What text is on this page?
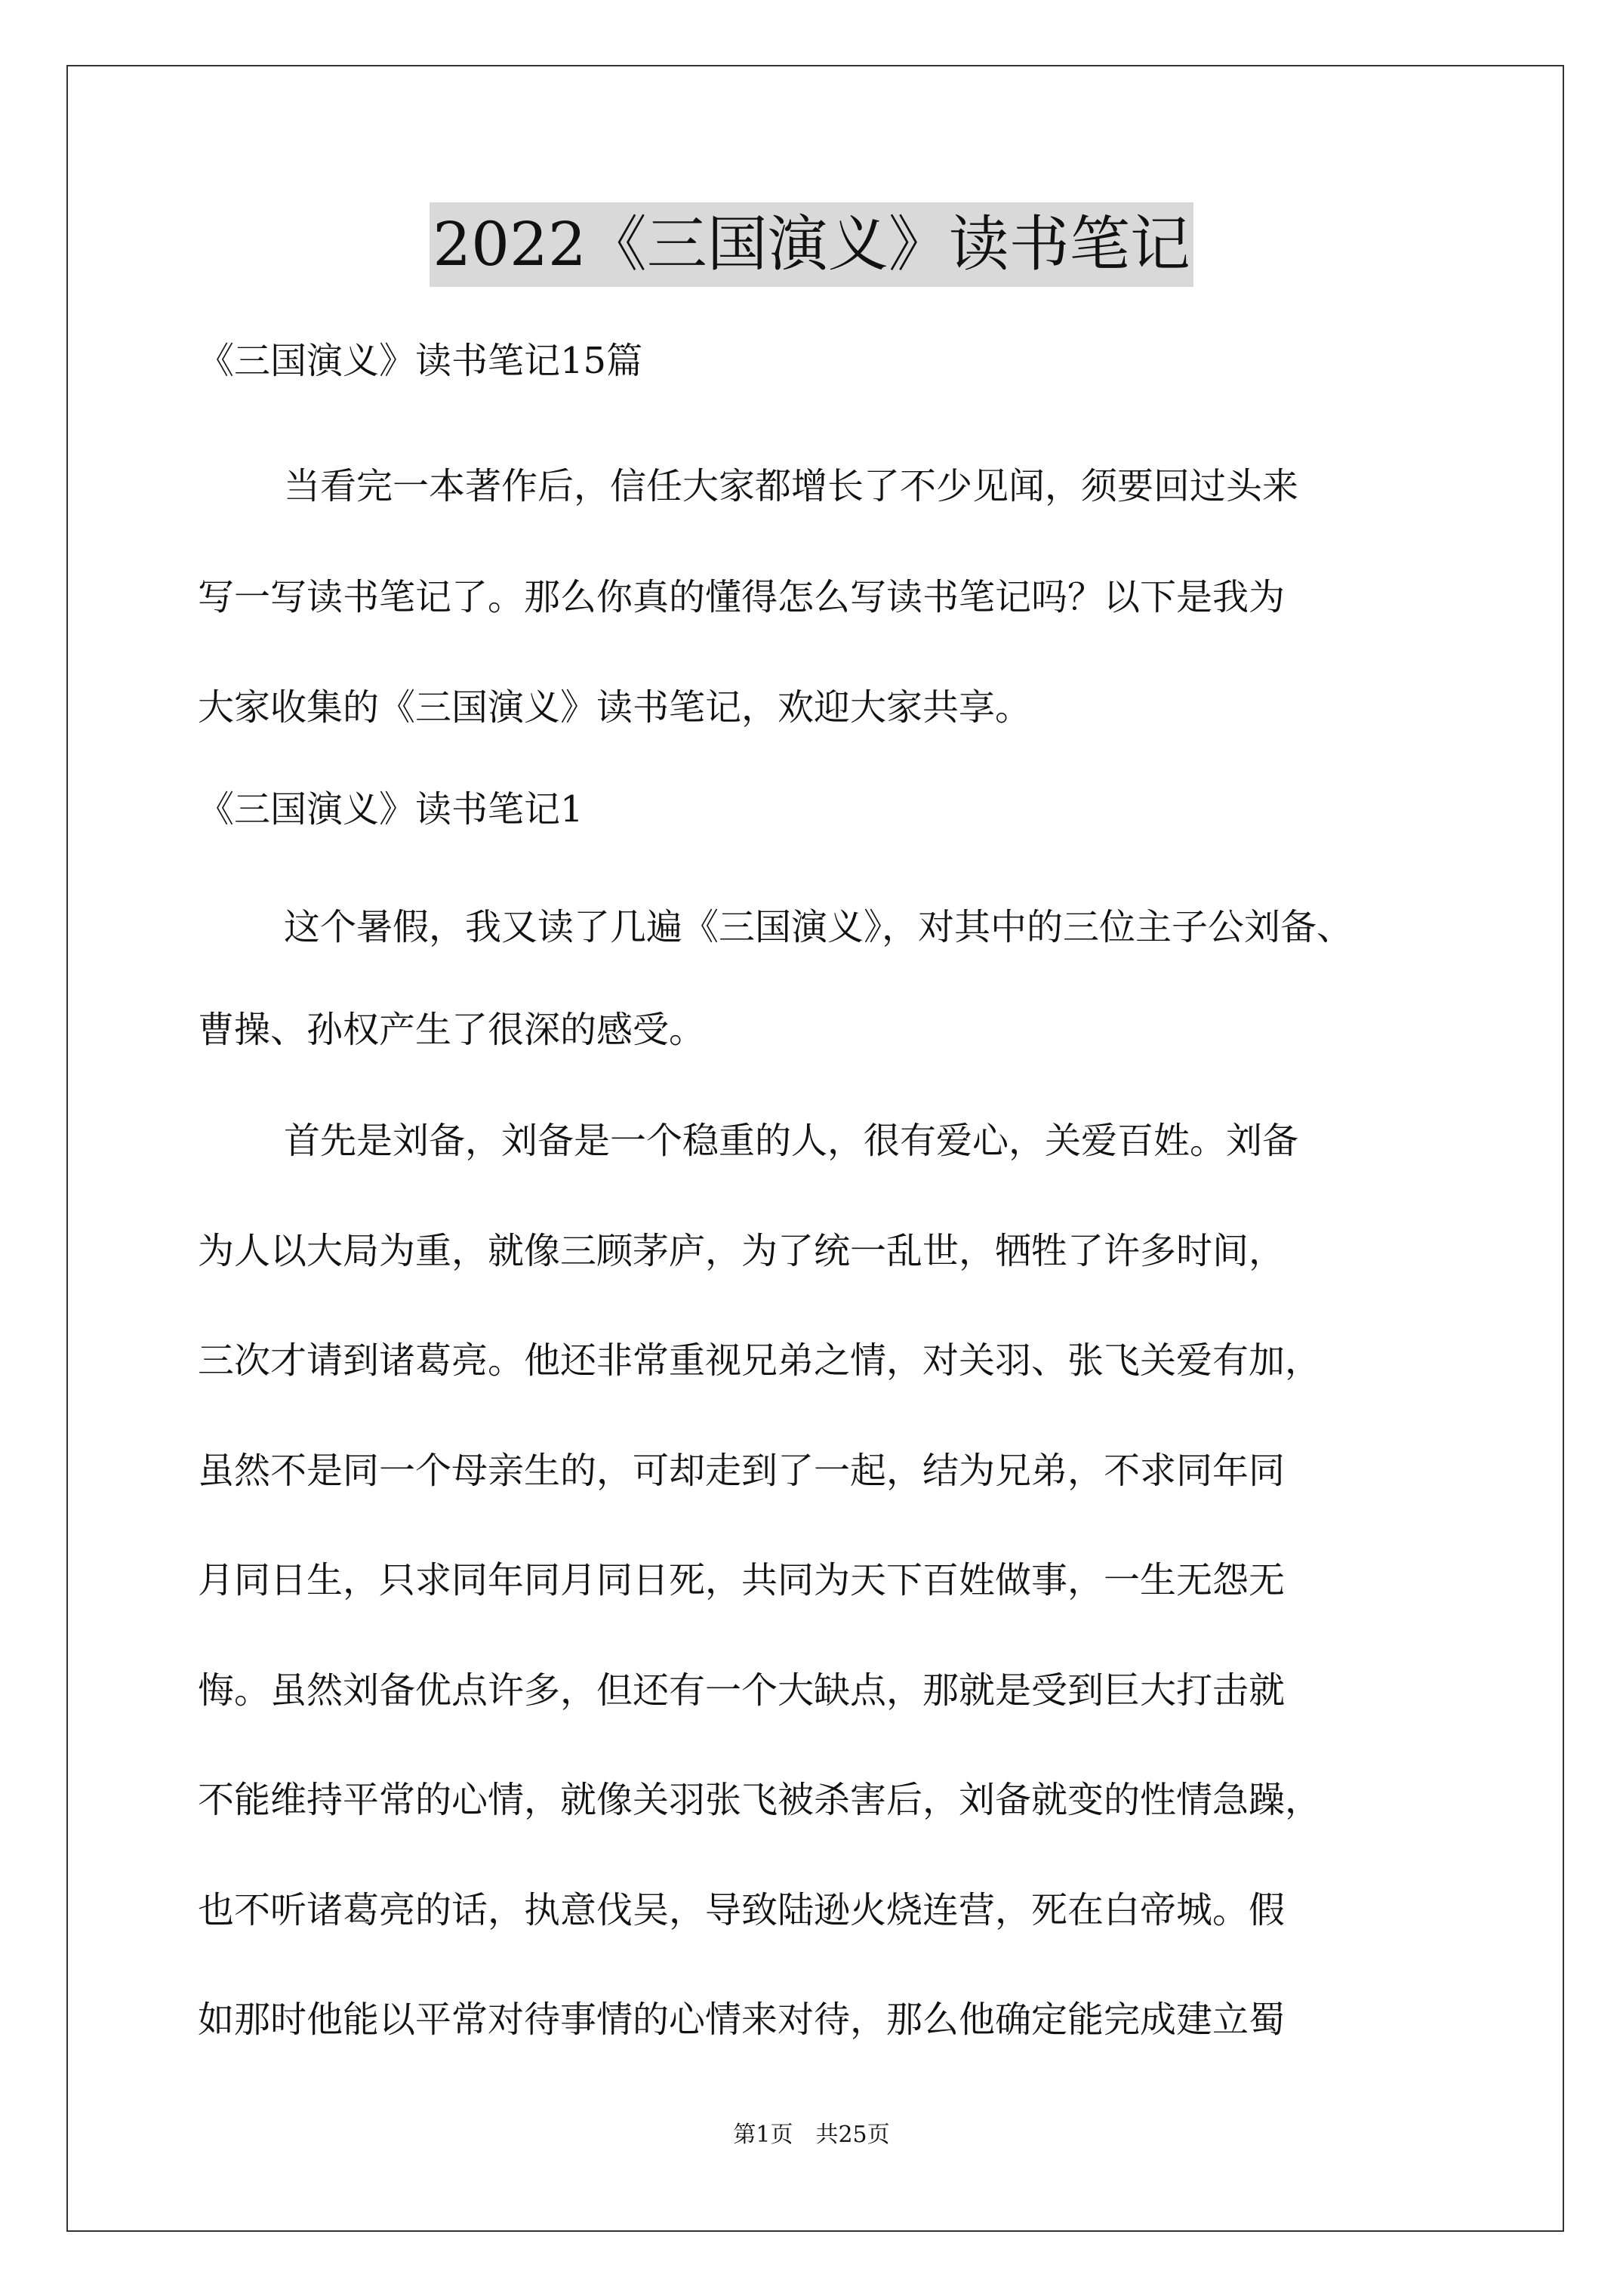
2022《三国演义》读书笔记

《三国演义》读书笔记15篇

当看完一本著作后，信任大家都增长了不少见闻，须要回过头来

写一写读书笔记了。那么你真的懂得怎么写读书笔记吗？以下是我为

大家收集的《三国演义》读书笔记，欢迎大家共享。

《三国演义》读书笔记1

这个暑假，我又读了几遍《三国演义》，对其中的三位主子公刘备、

曹操、孙权产生了很深的感受。

首先是刘备，刘备是一个稳重的人，很有爱心，关爱百姓。刘备

为人以大局为重，就像三顾茅庐，为了统一乱世，牺牲了许多时间，

三次才请到诸葛亮。他还非常重视兄弟之情，对关羽、张飞关爱有加，

虽然不是同一个母亲生的，可却走到了一起，结为兄弟，不求同年同

月同日生，只求同年同月同日死，共同为天下百姓做事，一生无怨无

悔。虽然刘备优点许多，但还有一个大缺点，那就是受到巨大打击就

不能维持平常的心情，就像关羽张飞被杀害后，刘备就变的性情急躁，

也不听诸葛亮的话，执意伐吴，导致陆逊火烧连营，死在白帝城。假

如那时他能以平常对待事情的心情来对待，那么他确定能完成建立蜀

第1页　共25页
